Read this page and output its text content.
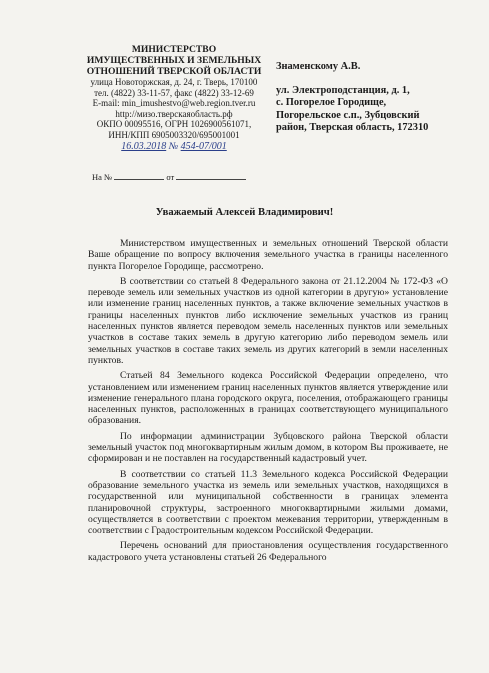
МИНИСТЕРСТВО
ИМУЩЕСТВЕННЫХ И ЗЕМЕЛЬНЫХ
ОТНОШЕНИЙ ТВЕРСКОЙ ОБЛАСТИ
улица Новоторжская, д. 24, г. Тверь, 170100
тел. (4822) 33-11-57, факс (4822) 33-12-69
E-mail: min_imushestvo@web.region.tver.ru
http://мизо.тверскаяобласть.рф
ОКПО 00095516, ОГРН 1026900561071,
ИНН/КПП 6905003320/695001001
16.03.2018 № 454-07/001
На №	от
Знаменскому А.В.
ул. Электроподстанция, д. 1,
с. Погорелое Городище,
Погорельское с.п., Зубцовский
район, Тверская область, 172310
Уважаемый Алексей Владимирович!

Министерством имущественных и земельных отношений Тверской области Ваше обращение по вопросу включения земельного участка в границы населенного пункта Погорелое Городище, рассмотрено.

В соответствии со статьей 8 Федерального закона от 21.12.2004 № 172-ФЗ «О переводе земель или земельных участков из одной категории в другую» установление или изменение границ населенных пунктов, а также включение земельных участков в границы населенных пунктов либо исключение земельных участков из границ населенных пунктов является переводом земель населенных пунктов или земельных участков в составе таких земель в другую категорию либо переводом земель или земельных участков в составе таких земель из других категорий в земли населенных пунктов.

Статьей 84 Земельного кодекса Российской Федерации определено, что установлением или изменением границ населенных пунктов является утверждение или изменение генерального плана городского округа, поселения, отображающего границы населенных пунктов, расположенных в границах соответствующего муниципального образования.

По информации администрации Зубцовского района Тверской области земельный участок под многоквартирным жилым домом, в котором Вы проживаете, не сформирован и не поставлен на государственный кадастровый учет.

В соответствии со статьей 11.3 Земельного кодекса Российской Федерации образование земельного участка из земель или земельных участков, находящихся в государственной или муниципальной собственности в границах элемента планировочной структуры, застроенного многоквартирными жилыми домами, осуществляется в соответствии с проектом межевания территории, утвержденным в соответствии с Градостроительным кодексом Российской Федерации.

Перечень оснований для приостановления осуществления государственного кадастрового учета установлены статьей 26 Федерального
